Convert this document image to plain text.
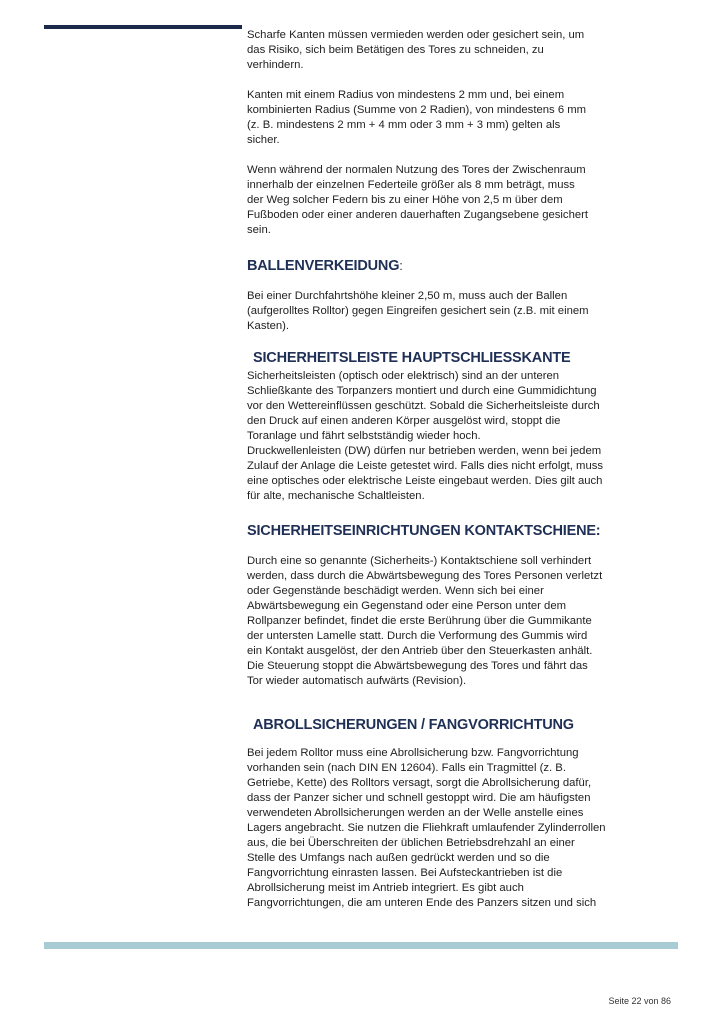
Scharfe Kanten müssen vermieden werden oder gesichert sein, um
das Risiko, sich beim Betätigen des Tores zu schneiden, zu
verhindern.

Kanten mit einem Radius von mindestens 2 mm und, bei einem
kombinierten Radius (Summe von 2 Radien), von mindestens 6 mm
(z. B. mindestens 2 mm + 4 mm oder 3 mm + 3 mm) gelten als
sicher.

Wenn während der normalen Nutzung des Tores der Zwischenraum
innerhalb der einzelnen Federteile größer als 8 mm beträgt, muss
der Weg solcher Federn bis zu einer Höhe von 2,5 m über dem
Fußboden oder einer anderen dauerhaften Zugangsebene gesichert
sein.

BALLENVERKEIDUNG:

Bei einer Durchfahrtshöhe kleiner 2,50 m, muss auch der Ballen
(aufgerolltes Rolltor) gegen Eingreifen gesichert sein (z.B. mit einem
Kasten).

SICHERHEITSLEISTE HAUPTSCHLIESSKANTE

Sicherheitsleisten (optisch oder elektrisch) sind an der unteren
Schließkante des Torpanzers montiert und durch eine Gummidichtung
vor den Wettereinflüssen geschützt. Sobald die Sicherheitsleiste durch
den Druck auf einen anderen Körper ausgelöst wird, stoppt die
Toranlage und fährt selbstständig wieder hoch.
Druckwellenleisten (DW) dürfen nur betrieben werden, wenn bei jedem
Zulauf der Anlage die Leiste getestet wird. Falls dies nicht erfolgt, muss
eine optisches oder elektrische Leiste eingebaut werden. Dies gilt auch
für alte, mechanische Schaltleisten.

SICHERHEITSEINRICHTUNGEN KONTAKTSCHIENE:

Durch eine so genannte (Sicherheits-) Kontaktschiene soll verhindert
werden, dass durch die Abwärtsbewegung des Tores Personen verletzt
oder Gegenstände beschädigt werden. Wenn sich bei einer
Abwärtsbewegung ein Gegenstand oder eine Person unter dem
Rollpanzer befindet, findet die erste Berührung über die Gummikante
der untersten Lamelle statt. Durch die Verformung des Gummis wird
ein Kontakt ausgelöst, der den Antrieb über den Steuerkasten anhält.
Die Steuerung stoppt die Abwärtsbewegung des Tores und fährt das
Tor wieder automatisch aufwärts (Revision).

ABROLLSICHERUNGEN / FANGVORRICHTUNG

Bei jedem Rolltor muss eine Abrollsicherung bzw. Fangvorrichtung
vorhanden sein (nach DIN EN 12604). Falls ein Tragmittel (z. B.
Getriebe, Kette) des Rolltors versagt, sorgt die Abrollsicherung dafür,
dass der Panzer sicher und schnell gestoppt wird. Die am häufigsten
verwendeten Abrollsicherungen werden an der Welle anstelle eines
Lagers angebracht. Sie nutzen die Fliehkraft umlaufender Zylinderrollen
aus, die bei Überschreiten der üblichen Betriebsdrehzahl an einer
Stelle des Umfangs nach außen gedrückt werden und so die
Fangvorrichtung einrasten lassen. Bei Aufsteckantrieben ist die
Abrollsicherung meist im Antrieb integriert. Es gibt auch
Fangvorrichtungen, die am unteren Ende des Panzers sitzen und sich

Seite 22 von 86
